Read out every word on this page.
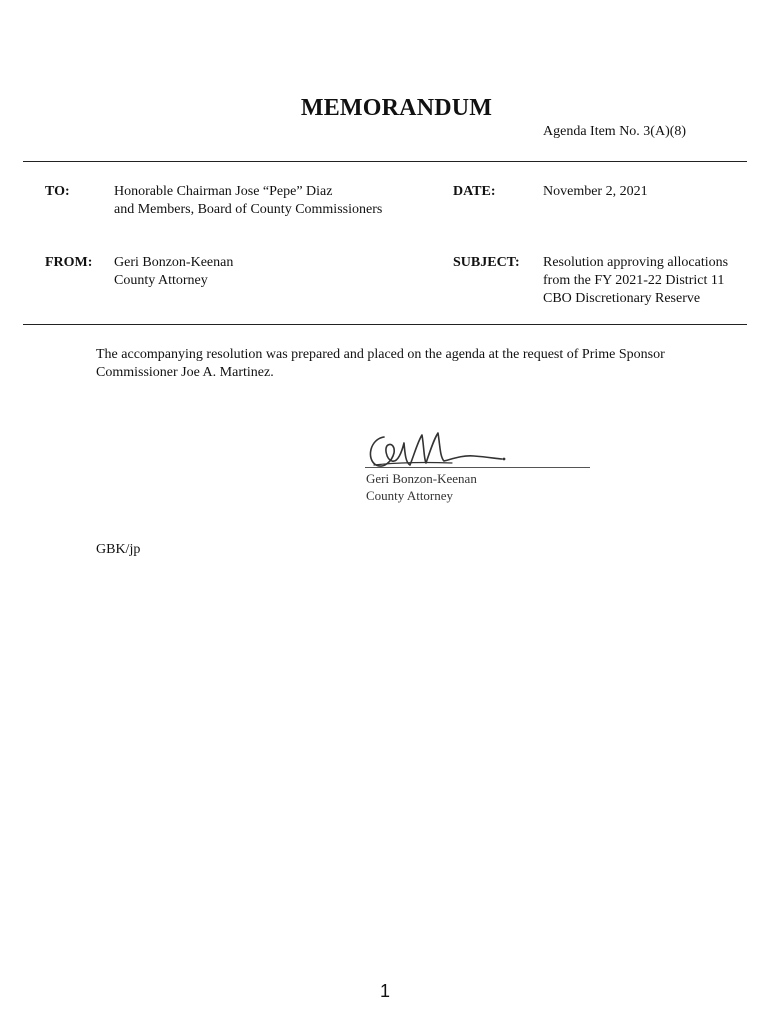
MEMORANDUM
Agenda Item No. 3(A)(8)
TO:	Honorable Chairman Jose “Pepe” Diaz
and Members, Board of County Commissioners
DATE:	November 2, 2021
FROM: Geri Bonzon-Keenan
County Attorney
SUBJECT: Resolution approving allocations
from the FY 2021-22 District 11
CBO Discretionary Reserve
The accompanying resolution was prepared and placed on the agenda at the request of Prime Sponsor
Commissioner Joe A. Martinez.
Geri Bonzon-Keenan
County Attorney
GBK/jp
1
